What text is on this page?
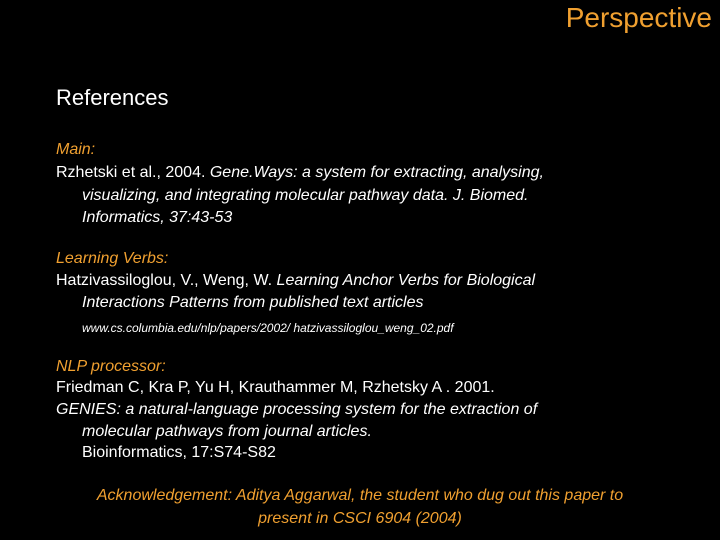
Perspective
References
Main:
Rzhetski et al., 2004. Gene.Ways: a system for extracting, analysing,
visualizing, and integrating molecular pathway data. J. Biomed.
Informatics, 37:43-53
Learning Verbs:
Hatzivassiloglou, V., Weng, W. Learning Anchor Verbs for Biological
Interactions Patterns from published text articles
www.cs.columbia.edu/nlp/papers/2002/ hatzivassiloglou_weng_02.pdf
NLP processor:
Friedman C, Kra P, Yu H, Krauthammer M, Rzhetsky A . 2001.
GENIES: a natural-language processing system for the extraction of
molecular pathways from journal articles.
Bioinformatics, 17:S74-S82
Acknowledgement: Aditya Aggarwal, the student who dug out this paper to
present in CSCI 6904 (2004)
